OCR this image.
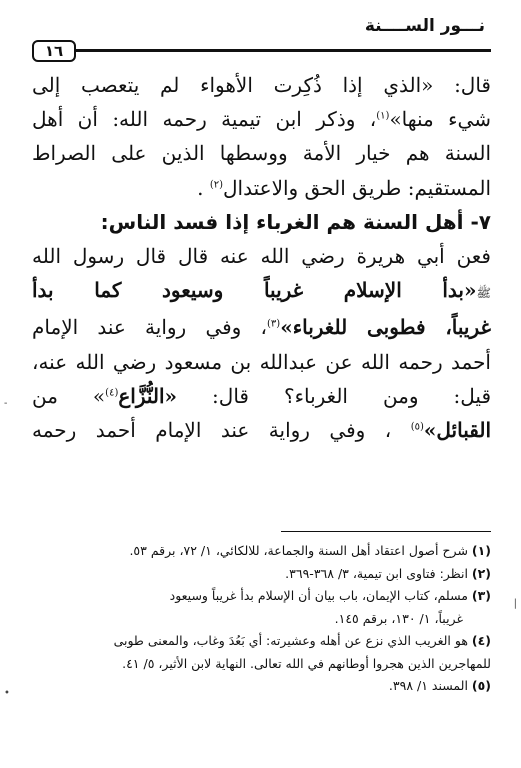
نـــور الســــنة
١٦

قال: «الذي إذا ذُكِرت الأهواء لم يتعصب إلى
شيء منها»$^{(١)}$، وذكر ابن تيمية رحمه الله: أن أهل
السنة هم خيار الأمة ووسطها الذين على الصراط
المستقيم: طريق الحق والاعتدال$^{(٢)}$ .

٧- أهل السنة هم الغرباء إذا فسد الناس:

فعن أبي هريرة رضي الله عنه قال قال رسول الله
ﷺ«بدأ الإسلام غريباً وسيعود كما بدأ
غريباً، فطوبى للغرباء»$^{(٣)}$، وفي رواية عند الإمام
أحمد رحمه الله عن عبدالله بن مسعود رضي الله عنه،
قيل: ومن الغرباء؟ قال: «النُّزَّاع$^{(٤)}$» من
القبائل»$^{(٥)}$ ، وفي رواية عند الإمام أحمد رحمه

(١)شرح أصول اعتقاد أهل السنة والجماعة، للالكائي، ١/ ٧٢، برقم ٥٣.
(٢)انظر: فتاوى ابن تيمية، ٣/ ٣٦٨-٣٦٩.
(٣)مسلم، كتاب الإيمان، باب بيان أن الإسلام بدأ غريباً وسيعود
غريباً، ١/ ١٣٠، برقم ١٤٥.
(٤)هو الغريب الذي نزع عن أهله وعشيرته: أي بَعُدَ وغاب، والمعنى طوبى
للمهاجرين الذين هجروا أوطانهم في الله تعالى. النهاية لابن الأثير، ٥/ ٤١.
(٥)المسند ١/ ٣٩٨.
-
•
|
